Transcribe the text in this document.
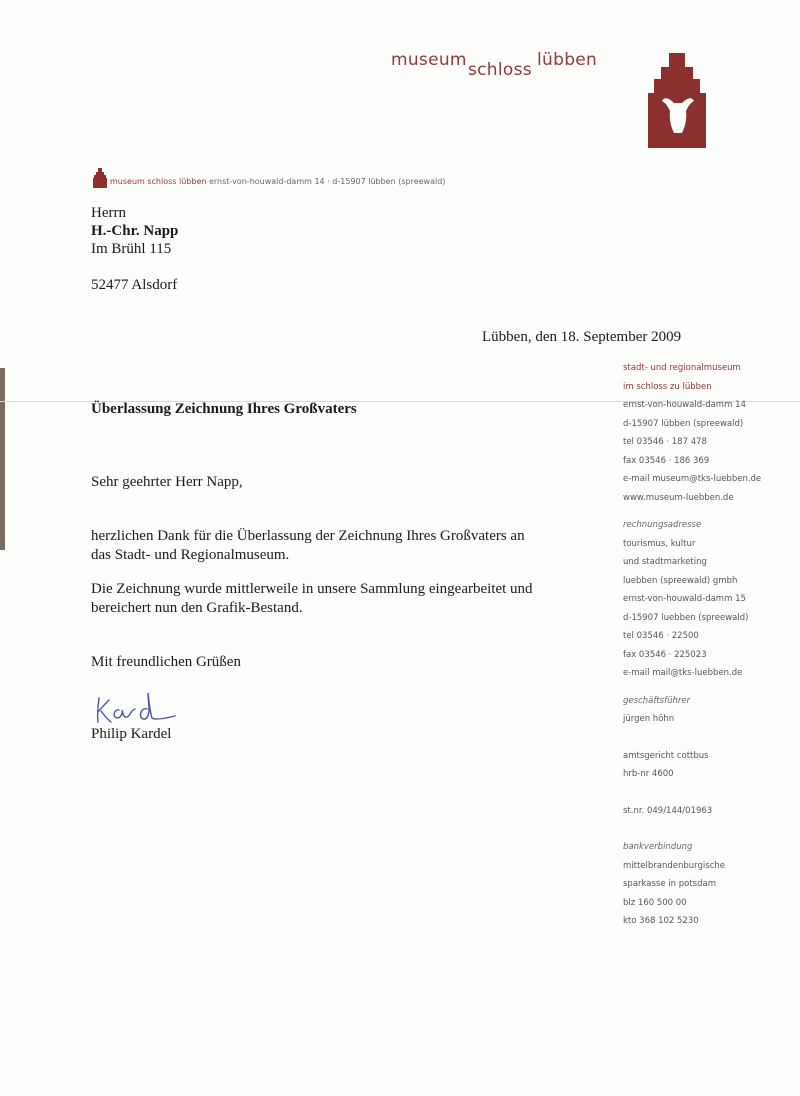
museum schloss lübben
museum schloss lübben ernst-von-houwald-damm 14 · d-15907 lübben (spreewald)
Herrn
H.-Chr. Napp
Im Brühl 115
52477 Alsdorf
Lübben, den 18. September 2009
Überlassung Zeichnung Ihres Großvaters
Sehr geehrter Herr Napp,
herzlichen Dank für die Überlassung der Zeichnung Ihres Großvaters an
das Stadt- und Regionalmuseum.
Die Zeichnung wurde mittlerweile in unsere Sammlung eingearbeitet und
bereichert nun den Grafik-Bestand.
Mit freundlichen Grüßen
Philip Kardel
stadt- und regionalmuseum
im schloss zu lübben
ernst-von-houwald-damm 14
d-15907 lübben (spreewald)
tel 03546 · 187 478
fax 03546 · 186 369
e-mail museum@tks-luebben.de
www.museum-luebben.de
rechnungsadresse
tourismus, kultur
und stadtmarketing
luebben (spreewald) gmbh
ernst-von-houwald-damm 15
d-15907 luebben (spreewald)
tel 03546 · 22500
fax 03546 · 225023
e-mail mail@tks-luebben.de
geschäftsführer
jürgen höhn
amtsgericht cottbus
hrb-nr 4600
st.nr. 049/144/01963
bankverbindung
mittelbrandenburgische
sparkasse in potsdam
blz 160 500 00
kto 368 102 5230
